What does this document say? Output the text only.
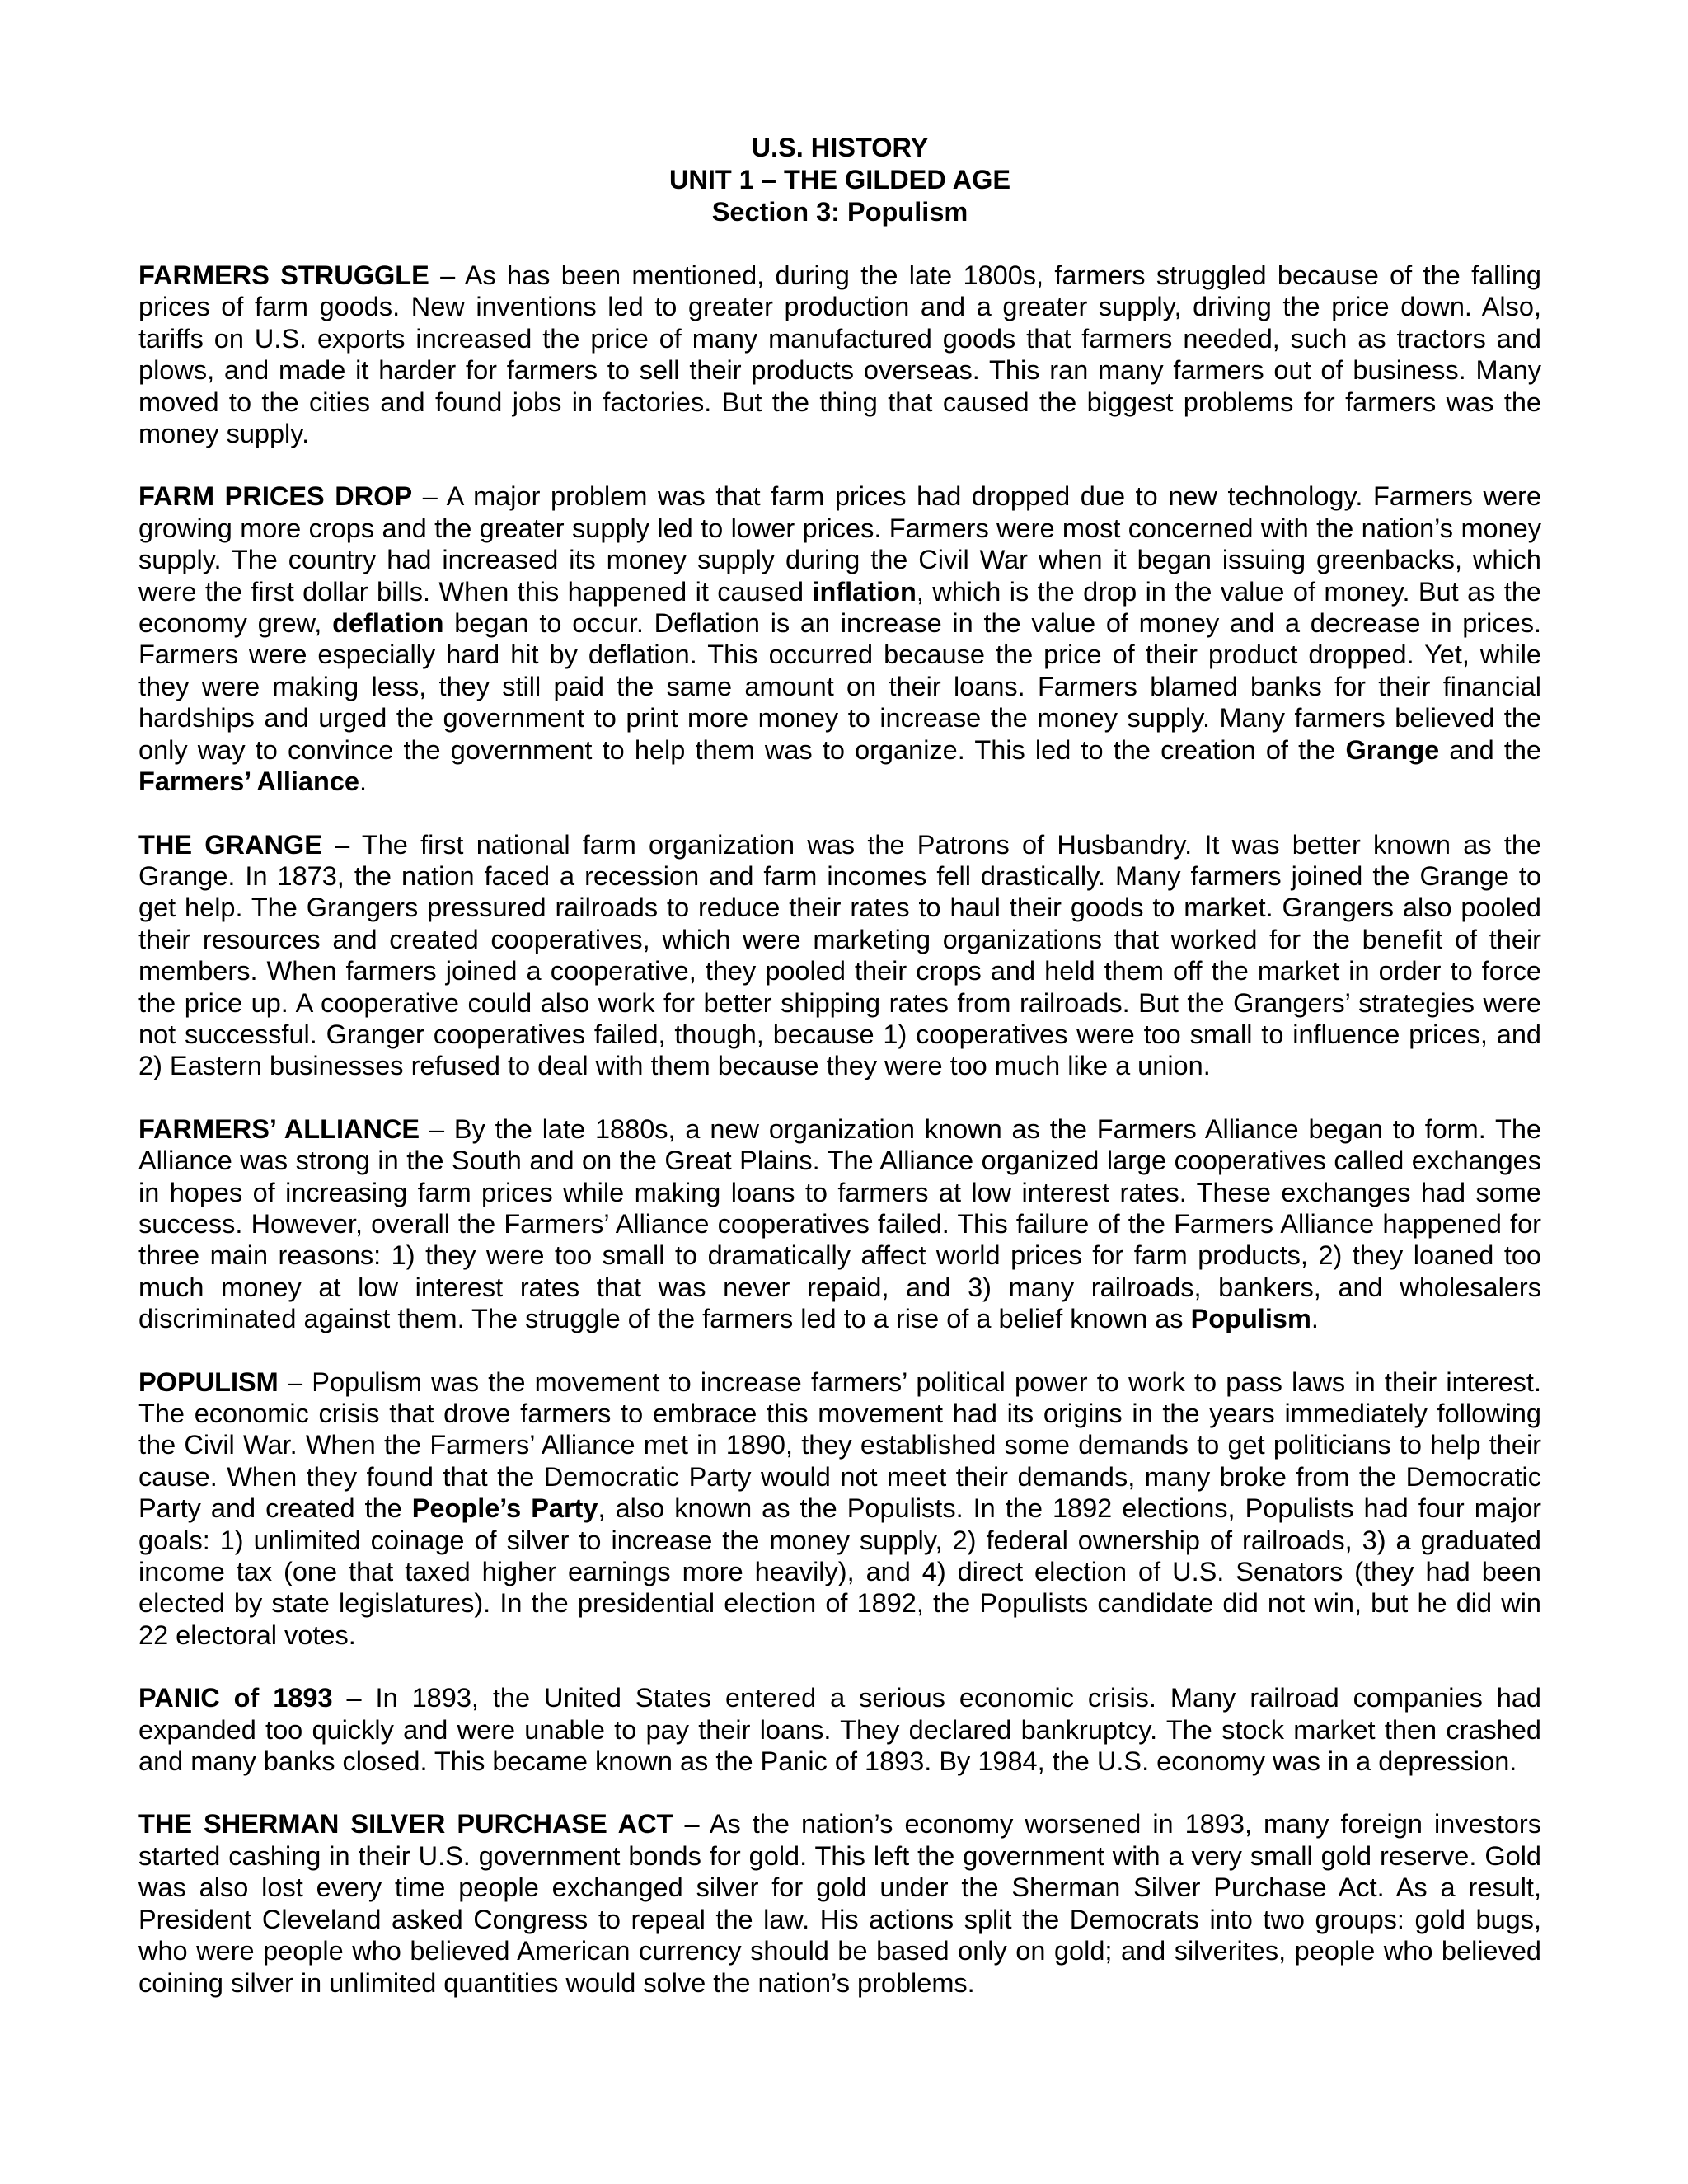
U.S. HISTORY
UNIT 1 – THE GILDED AGE
Section 3: Populism

FARMERS STRUGGLE – As has been mentioned, during the late 1800s, farmers struggled because of the falling prices of farm goods. New inventions led to greater production and a greater supply, driving the price down. Also, tariffs on U.S. exports increased the price of many manufactured goods that farmers needed, such as tractors and plows, and made it harder for farmers to sell their products overseas. This ran many farmers out of business. Many moved to the cities and found jobs in factories. But the thing that caused the biggest problems for farmers was the money supply.

FARM PRICES DROP – A major problem was that farm prices had dropped due to new technology. Farmers were growing more crops and the greater supply led to lower prices. Farmers were most concerned with the nation’s money supply. The country had increased its money supply during the Civil War when it began issuing greenbacks, which were the first dollar bills. When this happened it caused inflation, which is the drop in the value of money. But as the economy grew, deflation began to occur. Deflation is an increase in the value of money and a decrease in prices. Farmers were especially hard hit by deflation. This occurred because the price of their product dropped. Yet, while they were making less, they still paid the same amount on their loans. Farmers blamed banks for their financial hardships and urged the government to print more money to increase the money supply. Many farmers believed the only way to convince the government to help them was to organize. This led to the creation of the Grange and the Farmers’ Alliance.

THE GRANGE – The first national farm organization was the Patrons of Husbandry. It was better known as the Grange. In 1873, the nation faced a recession and farm incomes fell drastically. Many farmers joined the Grange to get help. The Grangers pressured railroads to reduce their rates to haul their goods to market. Grangers also pooled their resources and created cooperatives, which were marketing organizations that worked for the benefit of their members. When farmers joined a cooperative, they pooled their crops and held them off the market in order to force the price up. A cooperative could also work for better shipping rates from railroads. But the Grangers’ strategies were not successful. Granger cooperatives failed, though, because 1) cooperatives were too small to influence prices, and 2) Eastern businesses refused to deal with them because they were too much like a union.

FARMERS’ ALLIANCE – By the late 1880s, a new organization known as the Farmers Alliance began to form. The Alliance was strong in the South and on the Great Plains. The Alliance organized large cooperatives called exchanges in hopes of increasing farm prices while making loans to farmers at low interest rates. These exchanges had some success. However, overall the Farmers’ Alliance cooperatives failed. This failure of the Farmers Alliance happened for three main reasons: 1) they were too small to dramatically affect world prices for farm products, 2) they loaned too much money at low interest rates that was never repaid, and 3) many railroads, bankers, and wholesalers discriminated against them. The struggle of the farmers led to a rise of a belief known as Populism.

POPULISM – Populism was the movement to increase farmers’ political power to work to pass laws in their interest. The economic crisis that drove farmers to embrace this movement had its origins in the years immediately following the Civil War. When the Farmers’ Alliance met in 1890, they established some demands to get politicians to help their cause. When they found that the Democratic Party would not meet their demands, many broke from the Democratic Party and created the People’s Party, also known as the Populists. In the 1892 elections, Populists had four major goals: 1) unlimited coinage of silver to increase the money supply, 2) federal ownership of railroads, 3) a graduated income tax (one that taxed higher earnings more heavily), and 4) direct election of U.S. Senators (they had been elected by state legislatures). In the presidential election of 1892, the Populists candidate did not win, but he did win 22 electoral votes.

PANIC of 1893 – In 1893, the United States entered a serious economic crisis. Many railroad companies had expanded too quickly and were unable to pay their loans. They declared bankruptcy. The stock market then crashed and many banks closed. This became known as the Panic of 1893. By 1984, the U.S. economy was in a depression.

THE SHERMAN SILVER PURCHASE ACT – As the nation’s economy worsened in 1893, many foreign investors started cashing in their U.S. government bonds for gold. This left the government with a very small gold reserve. Gold was also lost every time people exchanged silver for gold under the Sherman Silver Purchase Act. As a result, President Cleveland asked Congress to repeal the law. His actions split the Democrats into two groups: gold bugs, who were people who believed American currency should be based only on gold; and silverites, people who believed coining silver in unlimited quantities would solve the nation’s problems.
